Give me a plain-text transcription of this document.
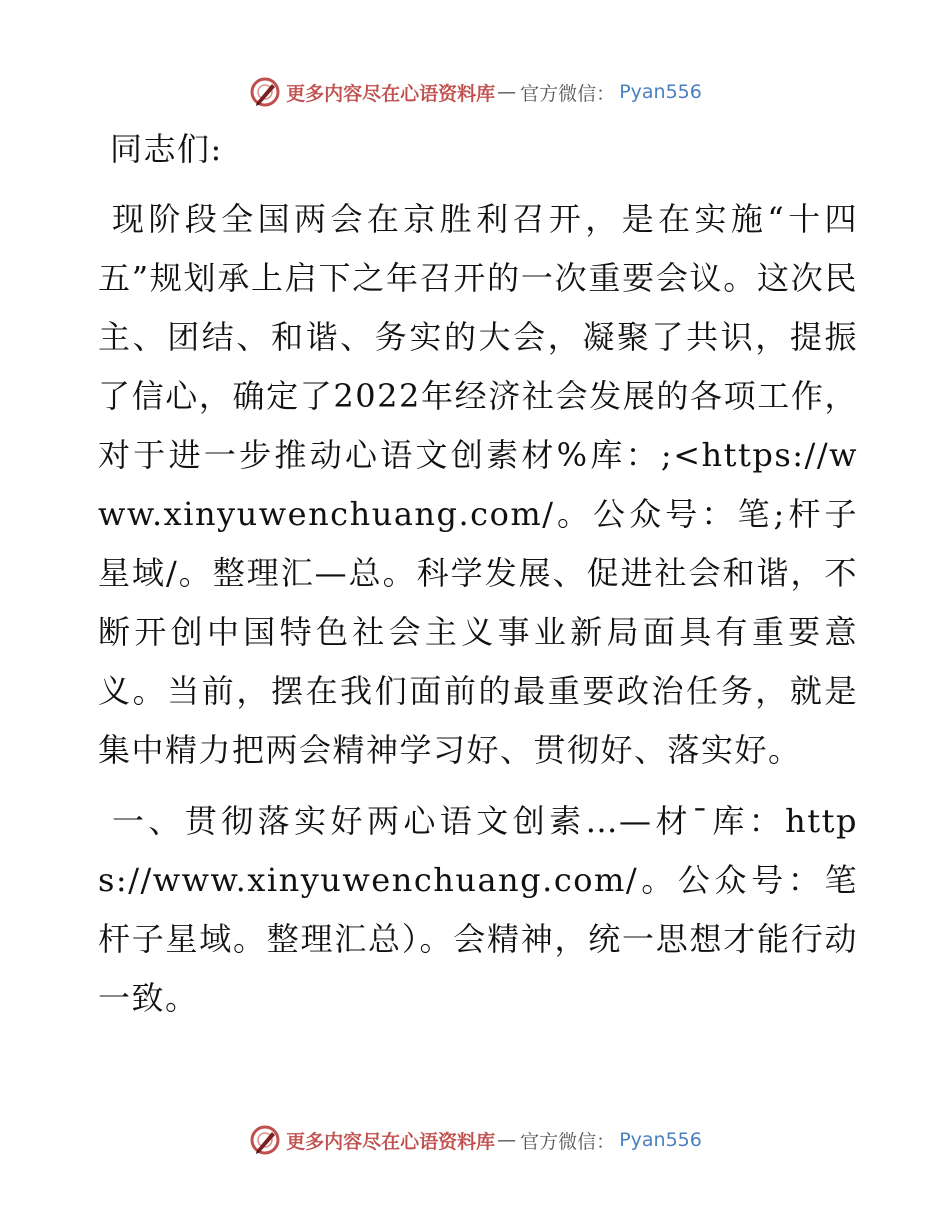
更多内容尽在心语资料库 — 官方微信： Pyan556

同志们:

现阶段全国两会在京胜利召开，是在实施“十四五”规划承上启下之年召开的一次重要会议。这次民主、团结、和谐、务实的大会，凝聚了共识，提振了信心，确定了2022年经济社会发展的各项工作，对于进一步推动心语文创素材%库：;<https://www.xinyuwenchuang.com/。公众号：笔;杆子星域/。整理汇—总。科学发展、促进社会和谐，不断开创中国特色社会主义事业新局面具有重要意义。当前，摆在我们面前的最重要政治任务，就是集中精力把两会精神学习好、贯彻好、落实好。

一、贯彻落实好两心语文创素…—材¯库：https://www.xinyuwenchuang.com/。公众号：笔杆子星域。整理汇总）。会精神，统一思想才能行动一致。

更多内容尽在心语资料库 — 官方微信： Pyan556
